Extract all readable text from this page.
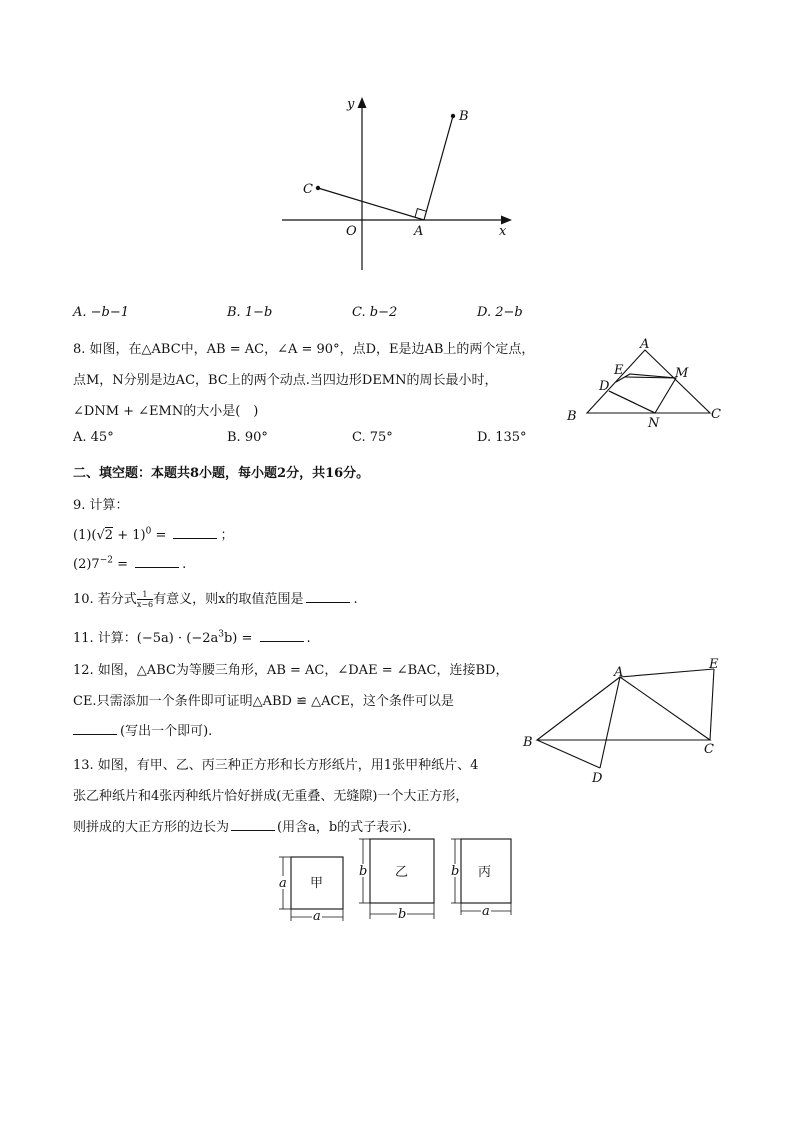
y
B
C
O	A	x
A. −b−1	B. 1−b	C. b−2	D. 2−b
8. 如图，在△ABC中，AB = AC，∠A = 90°，点D，E是边AB上的两个定点，
点M，N分别是边AC，BC上的两个动点.当四边形DEMN的周长最小时，
∠DNM + ∠EMN的大小是(　)
A. 45°	B. 90°	C. 75°	D. 135°
A
E	M
D
B	N
C
二、填空题：本题共8小题，每小题2分，共16分。
9. 计算：
$(1)(√2 + 1)^0$ =	；
$(2)7^{-2}$ =	.
10. 若分式 $\frac{1}{x-6}$ 有意义，则x的取值范围是	.
11. 计算：$(-5a) \cdot (-2a^3b)$ =	.
12. 如图，△ABC为等腰三角形，AB = AC，∠DAE = ∠BAC，连接BD，
CE.只需添加一个条件即可证明△ABD ≌ △ACE，这个条件可以是
(写出一个即可).
A
E
B	C
D
13. 如图，有甲、乙、丙三种正方形和长方形纸片，用1张甲种纸片、4
张乙种纸片和4张丙种纸片恰好拼成(无重叠、无缝隙)一个大正方形，
则拼成的大正方形的边长为	(用含a，b的式子表示).
a
a
甲
b
b
乙	b
a
丙
